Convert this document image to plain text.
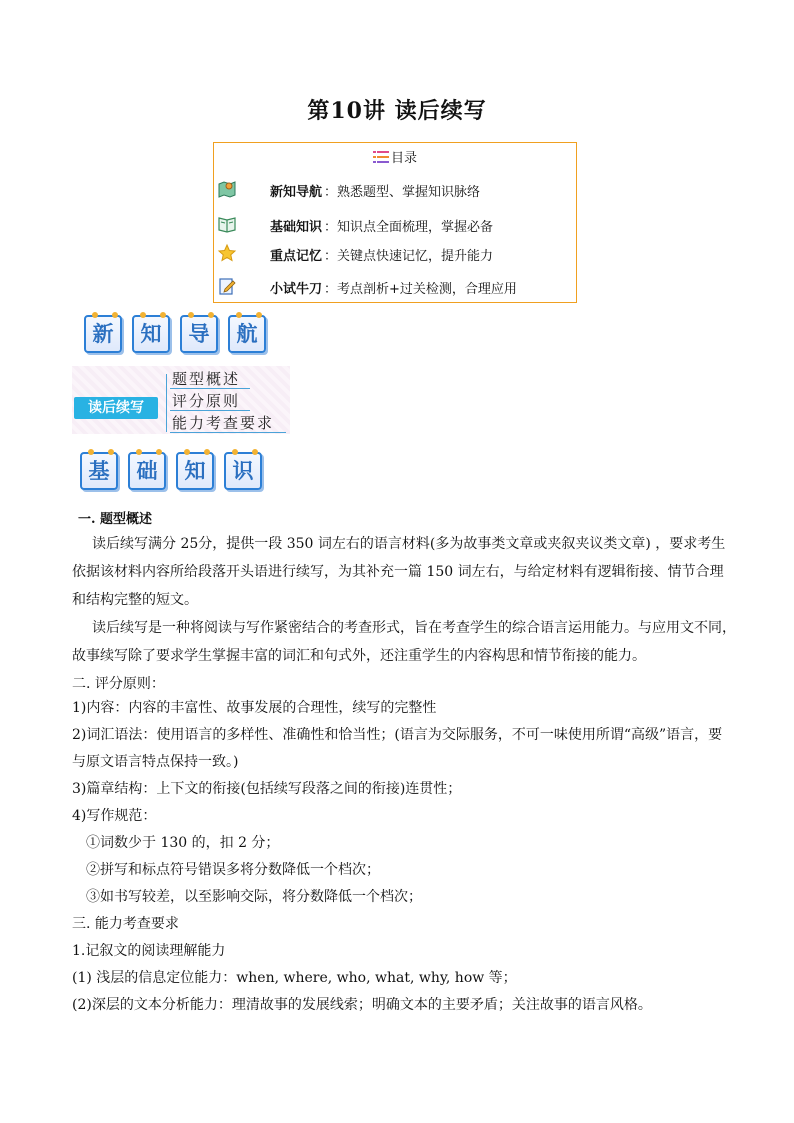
第10讲 读后续写
目录
新知导航 ：熟悉题型、掌握知识脉络
基础知识 ：知识点全面梳理，掌握必备
重点记忆 ：关键点快速记忆，提升能力
小试牛刀 ：考点剖析+过关检测，合理应用
新	知	导	航
读后续写
题型概述
评分原则
能力考查要求
基	础	知	识
一. 题型概述
读后续写满分 25分，提供一段 350 词左右的语言材料(多为故事类文章或夹叙夹议类文章) ，要求考生
依据该材料内容所给段落开头语进行续写，为其补充一篇 150 词左右，与给定材料有逻辑衔接、情节合理
和结构完整的短文。
读后续写是一种将阅读与写作紧密结合的考查形式，旨在考查学生的综合语言运用能力。与应用文不同，
故事续写除了要求学生掌握丰富的词汇和句式外，还注重学生的内容构思和情节衔接的能力。
二. 评分原则：
1)内容：内容的丰富性、故事发展的合理性，续写的完整性
2)词汇语法：使用语言的多样性、准确性和恰当性；(语言为交际服务，不可一味使用所谓“高级”语言，要
与原文语言特点保持一致。)
3)篇章结构：上下文的衔接(包括续写段落之间的衔接)连贯性；
4)写作规范：
①词数少于 130 的，扣 2 分；
②拼写和标点符号错误多将分数降低一个档次；
③如书写较差，以至影响交际，将分数降低一个档次；
三. 能力考查要求
1.记叙文的阅读理解能力
(1) 浅层的信息定位能力：when, where, who, what, why, how 等；
(2)深层的文本分析能力：理清故事的发展线索；明确文本的主要矛盾；关注故事的语言风格。
